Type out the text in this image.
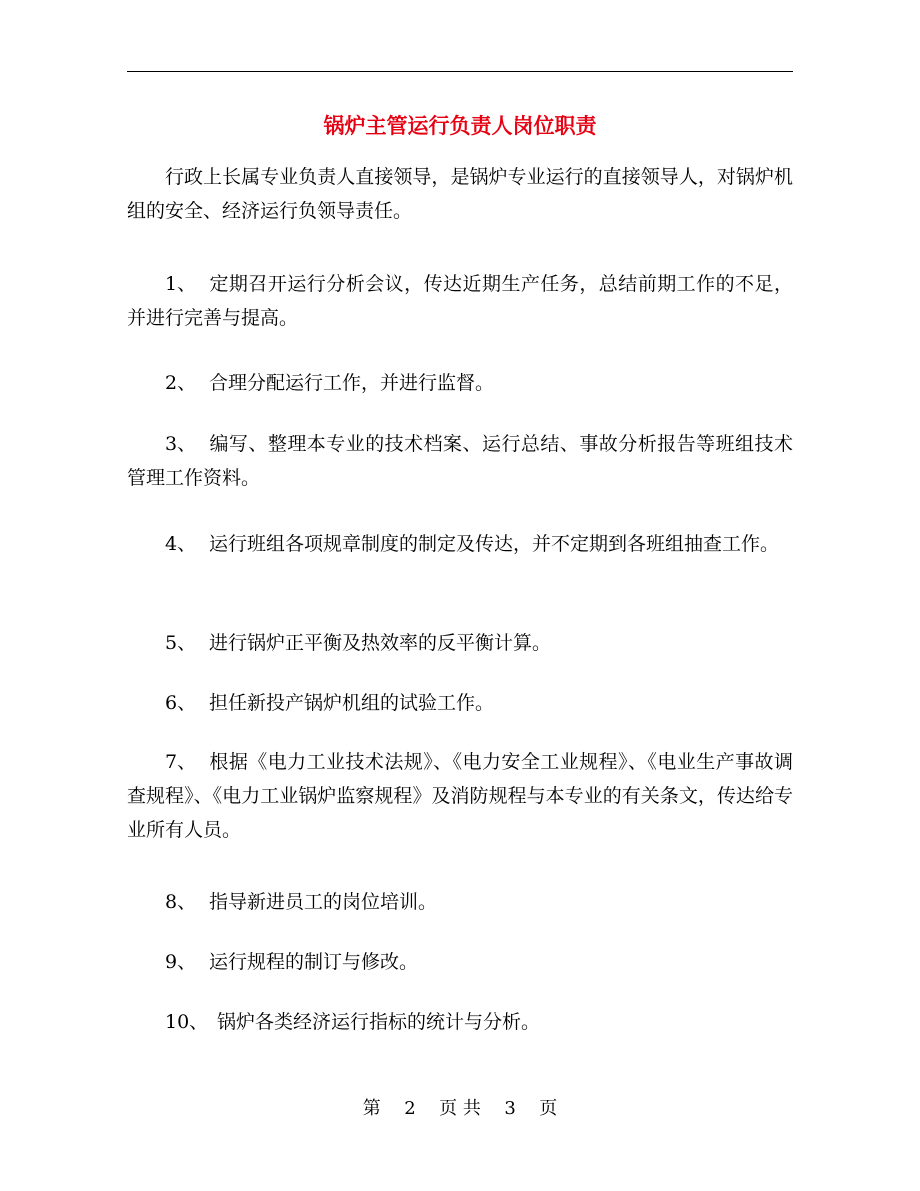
锅炉主管运行负责人岗位职责
行政上长属专业负责人直接领导，是锅炉专业运行的直接领导人，对锅炉机组的安全、经济运行负领导责任。
1、 定期召开运行分析会议，传达近期生产任务，总结前期工作的不足，并进行完善与提高。
2、 合理分配运行工作，并进行监督。
3、 编写、整理本专业的技术档案、运行总结、事故分析报告等班组技术管理工作资料。
4、 运行班组各项规章制度的制定及传达，并不定期到各班组抽查工作。
5、 进行锅炉正平衡及热效率的反平衡计算。
6、 担任新投产锅炉机组的试验工作。
7、 根据《电力工业技术法规》、《电力安全工业规程》、《电业生产事故调查规程》、《电力工业锅炉监察规程》及消防规程与本专业的有关条文，传达给专业所有人员。
8、 指导新进员工的岗位培训。
9、 运行规程的制订与修改。
10、 锅炉各类经济运行指标的统计与分析。
第 2 页 共 3 页
